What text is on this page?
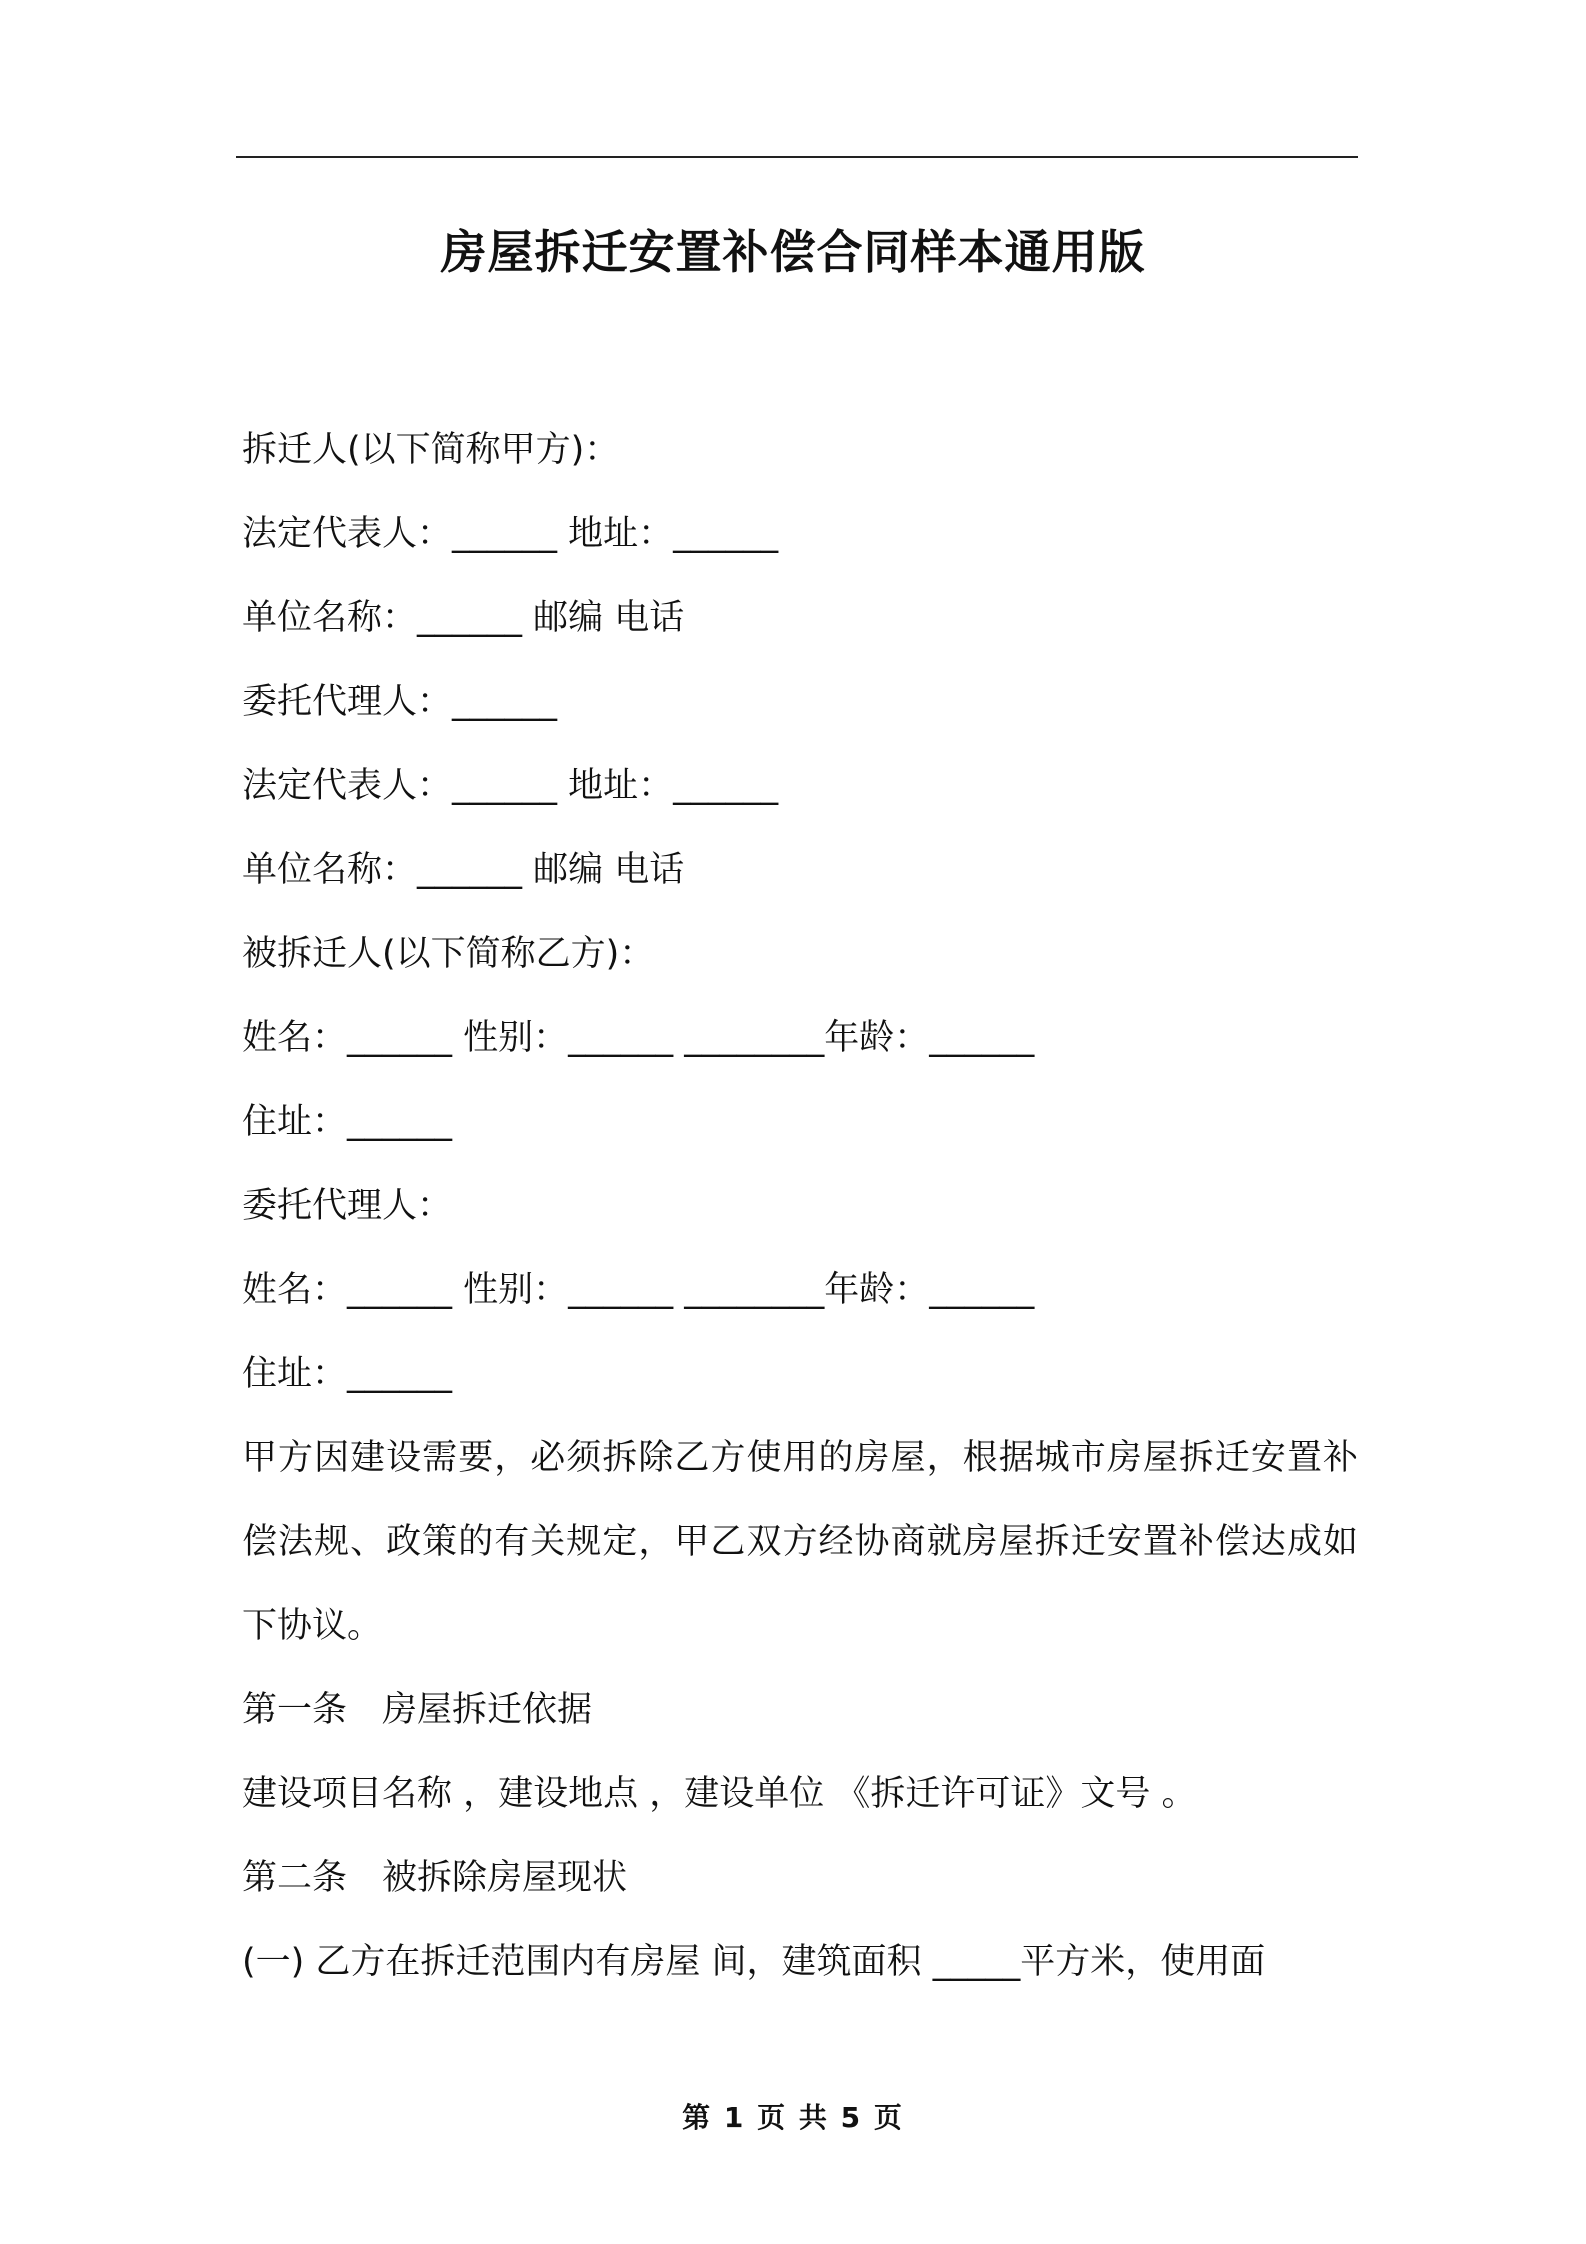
房屋拆迁安置补偿合同样本通用版
拆迁人(以下简称甲方)：
法定代表人：______ 地址：______
单位名称：______ 邮编 电话
委托代理人：______
法定代表人：______ 地址：______
单位名称：______ 邮编 电话
被拆迁人(以下简称乙方)：
姓名：______ 性别：______ ________年龄：______
住址：______
委托代理人：
姓名：______ 性别：______ ________年龄：______
住址：______
甲方因建设需要，必须拆除乙方使用的房屋，根据城市房屋拆迁安置补偿法规、政策的有关规定，甲乙双方经协商就房屋拆迁安置补偿达成如下协议。
第一条　房屋拆迁依据
建设项目名称 ，建设地点 ，建设单位 《拆迁许可证》文号 。
第二条　被拆除房屋现状
(一) 乙方在拆迁范围内有房屋 间，建筑面积 _____平方米，使用面
第 1 页 共 5 页
